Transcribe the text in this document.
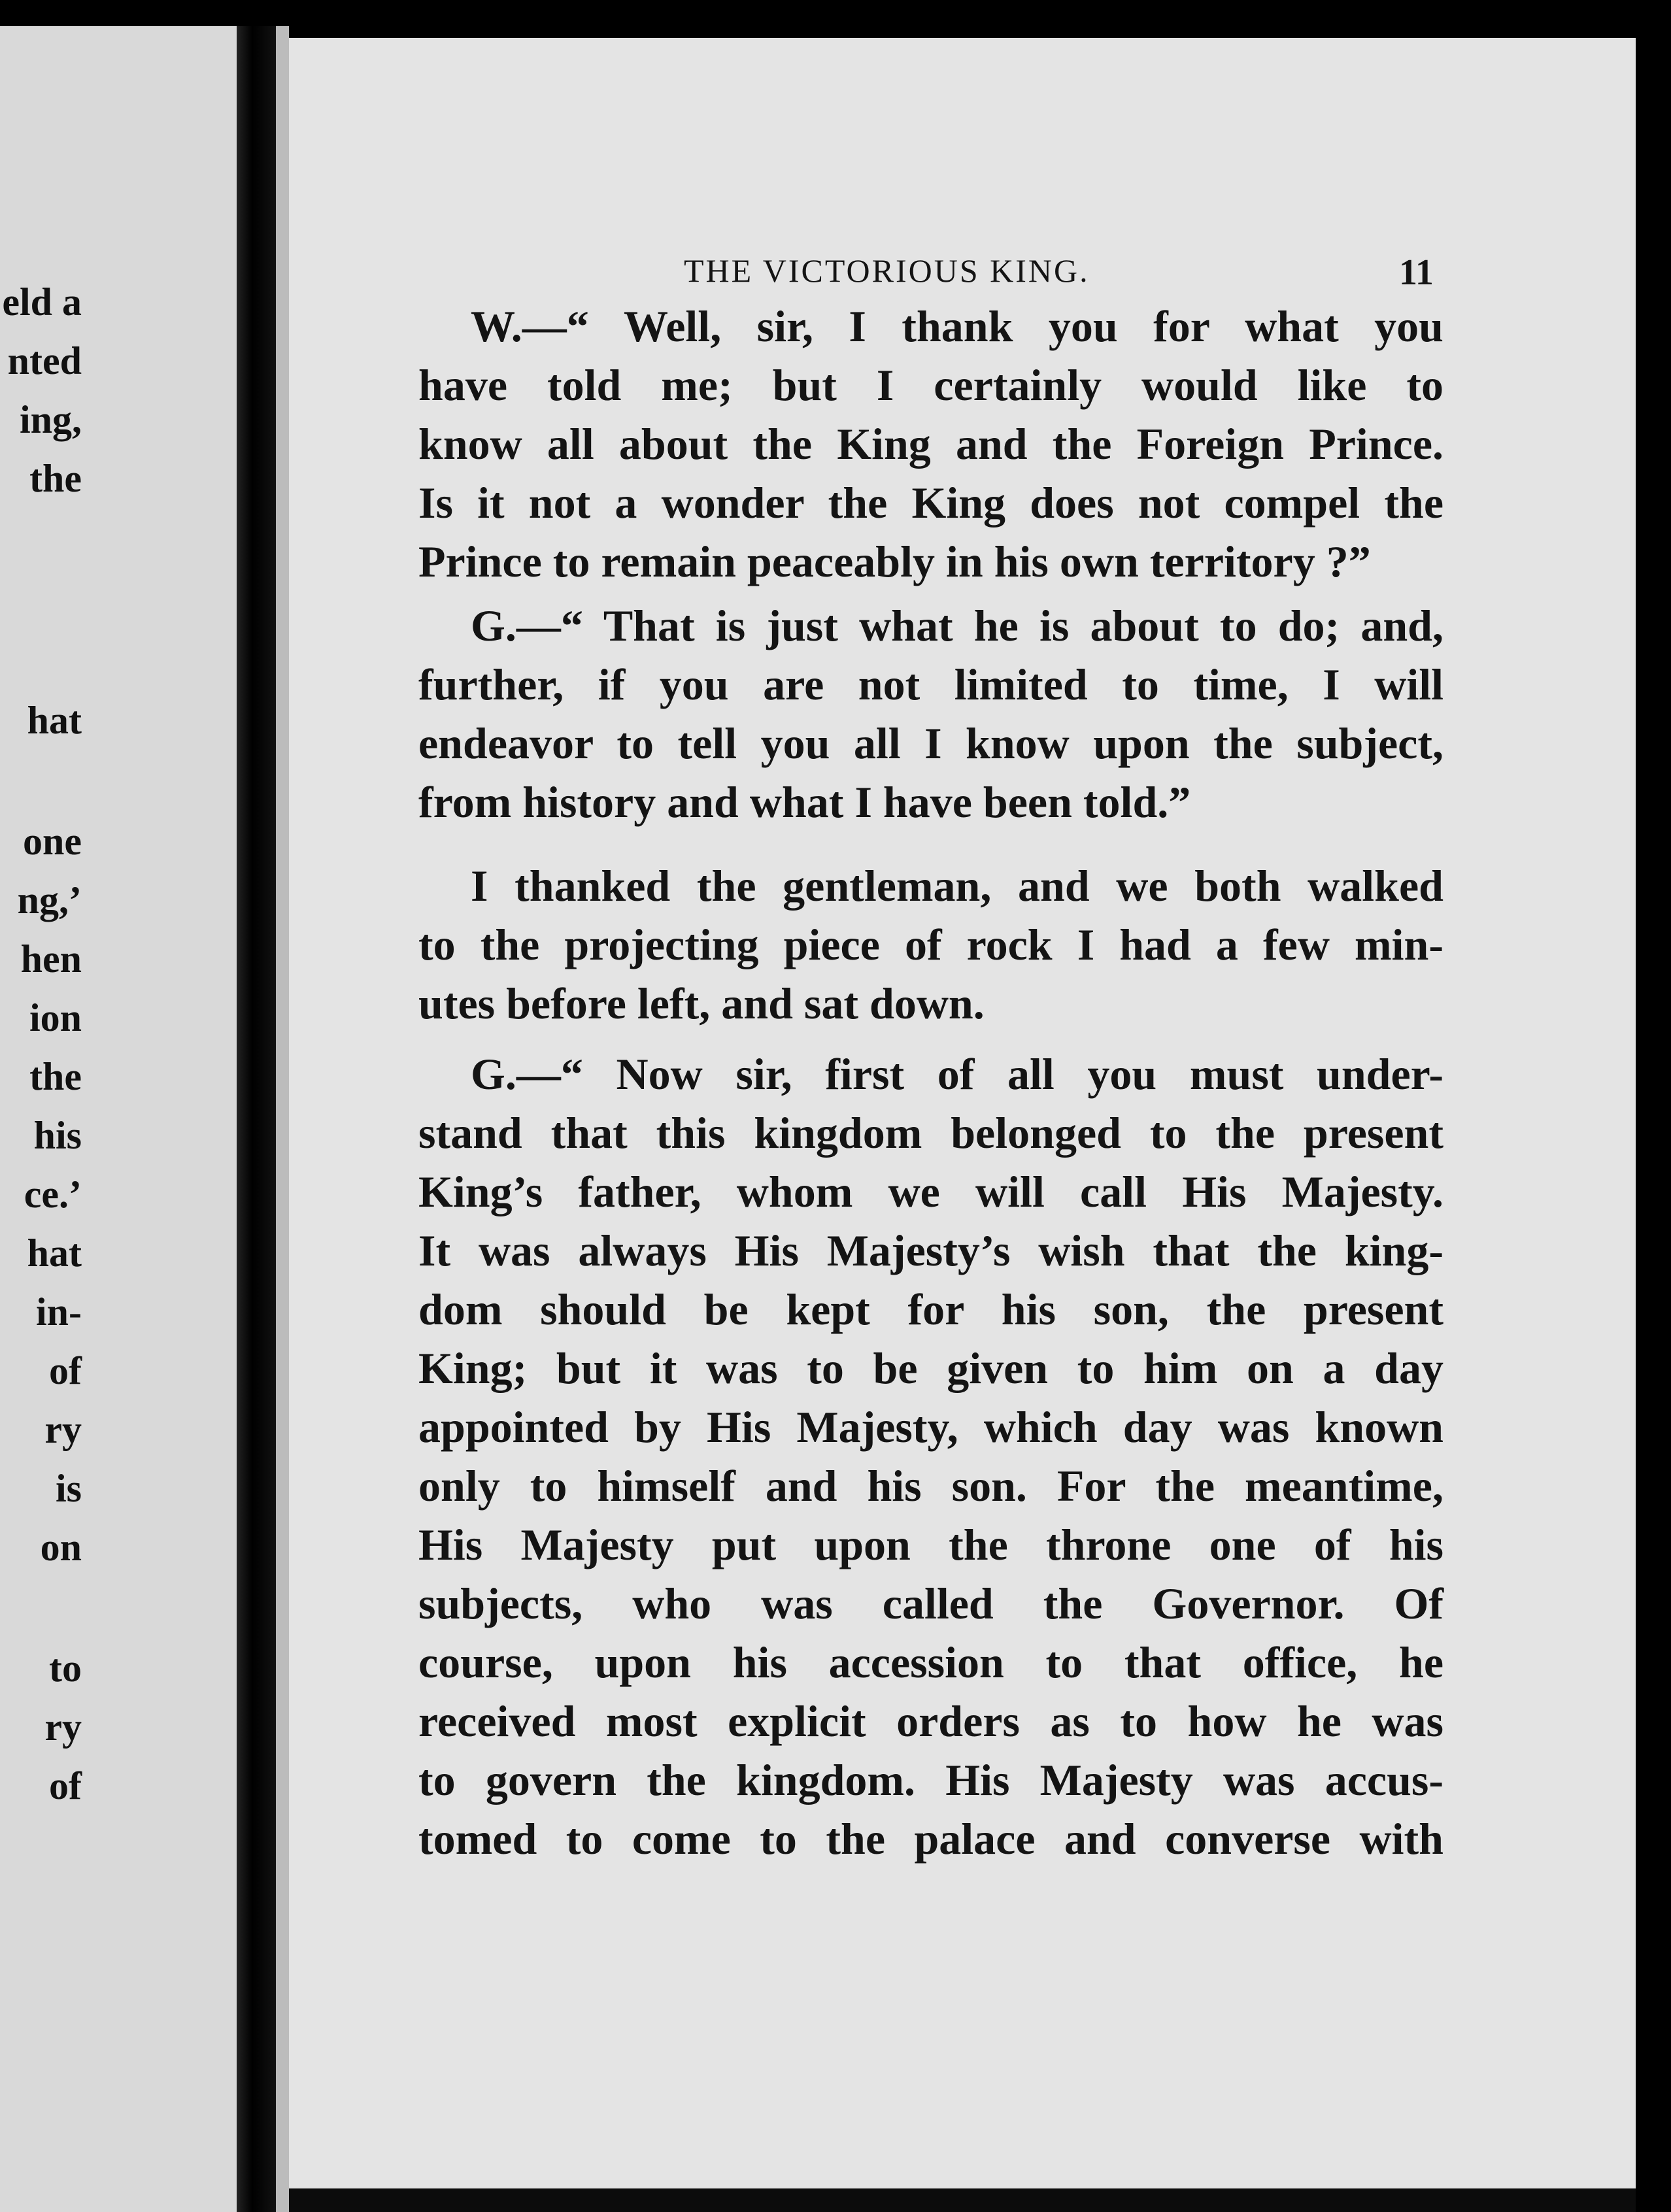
eld a
nted
ing,
the
hat
one
ng,’
hen
ion
the
his
ce.’
hat
in-
of
ry
is
on
to
ry
of
THE VICTORIOUS KING.	11
W.—“ Well, sir, I thank you for what you
have told me; but I certainly would like to
know all about the King and the Foreign Prince.
Is it not a wonder the King does not compel the
Prince to remain peaceably in his own territory ?”
G.—“ That is just what he is about to do; and,
further, if you are not limited to time, I will
endeavor to tell you all I know upon the subject,
from history and what I have been told.”
I thanked the gentleman, and we both walked
to the projecting piece of rock I had a few min-
utes before left, and sat down.
G.—“ Now sir, first of all you must under-
stand that this kingdom belonged to the present
King’s father, whom we will call His Majesty.
It was always His Majesty’s wish that the king-
dom should be kept for his son, the present
King; but it was to be given to him on a day
appointed by His Majesty, which day was known
only to himself and his son. For the meantime,
His Majesty put upon the throne one of his
subjects, who was called the Governor. Of
course, upon his accession to that office, he
received most explicit orders as to how he was
to govern the kingdom. His Majesty was accus-
tomed to come to the palace and converse with
